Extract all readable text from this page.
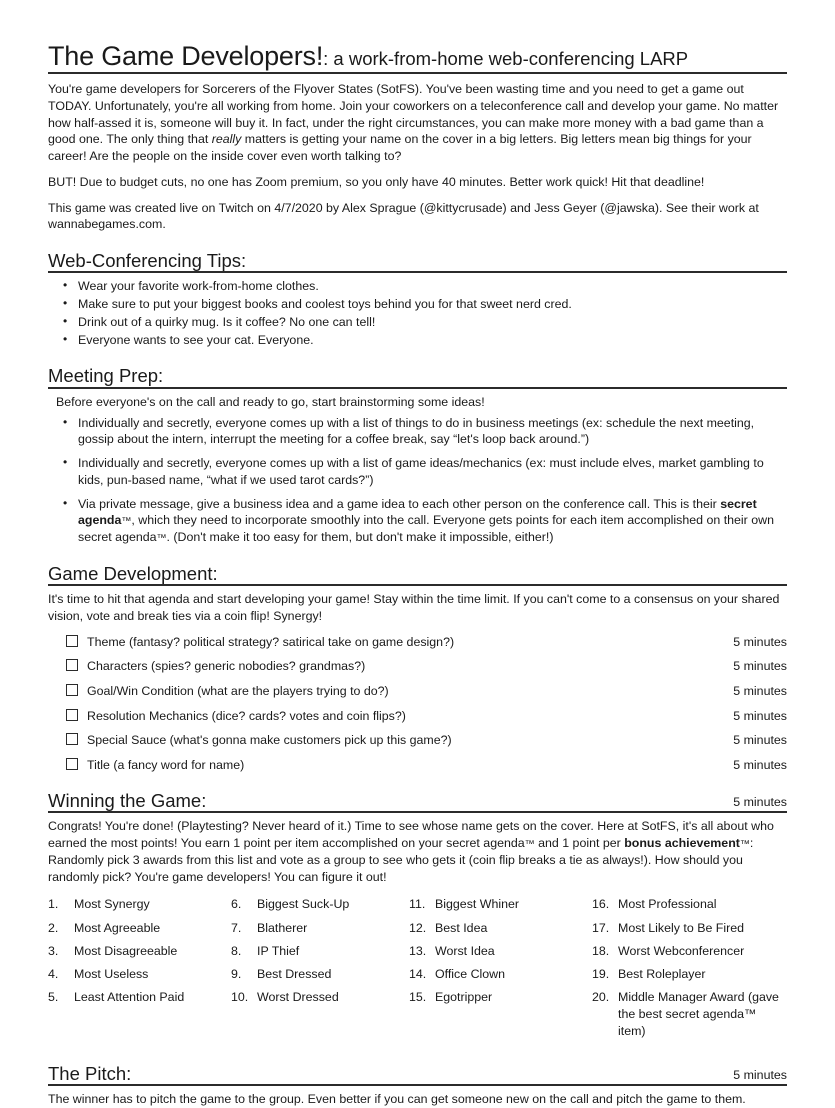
The Game Developers!: a work-from-home web-conferencing LARP

You're game developers for Sorcerers of the Flyover States (SotFS). You've been wasting time and you need to get a game out TODAY. Unfortunately, you're all working from home. Join your coworkers on a teleconference call and develop your game. No matter how half-assed it is, someone will buy it. In fact, under the right circumstances, you can make more money with a bad game than a good one. The only thing that really matters is getting your name on the cover in a big letters. Big letters mean big things for your career! Are the people on the inside cover even worth talking to?

BUT! Due to budget cuts, no one has Zoom premium, so you only have 40 minutes. Better work quick! Hit that deadline!

This game was created live on Twitch on 4/7/2020 by Alex Sprague (@kittycrusade) and Jess Geyer (@jawska). See their work at wannabegames.com.

Web-Conferencing Tips:
• Wear your favorite work-from-home clothes.
• Make sure to put your biggest books and coolest toys behind you for that sweet nerd cred.
• Drink out of a quirky mug. Is it coffee? No one can tell!
• Everyone wants to see your cat. Everyone.
Meeting Prep:
Before everyone's on the call and ready to go, start brainstorming some ideas!
• Individually and secretly, everyone comes up with a list of things to do in business meetings (ex: schedule the next meeting, gossip about the intern, interrupt the meeting for a coffee break, say “let's loop back around.”)
• Individually and secretly, everyone comes up with a list of game ideas/mechanics (ex: must include elves, market gambling to kids, pun-based name, “what if we used tarot cards?”)
• Via private message, give a business idea and a game idea to each other person on the conference call. This is their secret agenda™, which they need to incorporate smoothly into the call. Everyone gets points for each item accomplished on their own secret agenda™. (Don't make it too easy for them, but don't make it impossible, either!)
Game Development:

It's time to hit that agenda and start developing your game! Stay within the time limit. If you can't come to a consensus on your shared vision, vote and break ties via a coin flip! Synergy!

Theme (fantasy? political strategy? satirical take on game design?)	5 minutes
Characters (spies? generic nobodies? grandmas?)	5 minutes
Goal/Win Condition (what are the players trying to do?)	5 minutes
Resolution Mechanics (dice? cards? votes and coin flips?)	5 minutes
Special Sauce (what's gonna make customers pick up this game?)	5 minutes
Title (a fancy word for name)	5 minutes
Winning the Game:	5 minutes

Congrats! You're done! (Playtesting? Never heard of it.) Time to see whose name gets on the cover. Here at SotFS, it's all about who earned the most points! You earn 1 point per item accomplished on your secret agenda™ and 1 point per bonus achievement™: Randomly pick 3 awards from this list and vote as a group to see who gets it (coin flip breaks a tie as always!). How should you randomly pick? You're game developers! You can figure it out!

1.	Most Synergy	6.	Biggest Suck-Up	11. Biggest Whiner	16. Most Professional
2.	Most Agreeable	7.	Blatherer	12. Best Idea	17. Most Likely to Be Fired
3.	Most Disagreeable	8.	IP Thief	13. Worst Idea	18. Worst Webconferencer
4.	Most Useless	9.	Best Dressed	14. Office Clown	19. Best Roleplayer
5.	Least Attention Paid	10. Worst Dressed	15. Egotripper	20. Middle Manager Award (gave the best secret agenda™ item)
The Pitch:	5 minutes

The winner has to pitch the game to the group. Even better if you can get someone new on the call and pitch the game to them.
